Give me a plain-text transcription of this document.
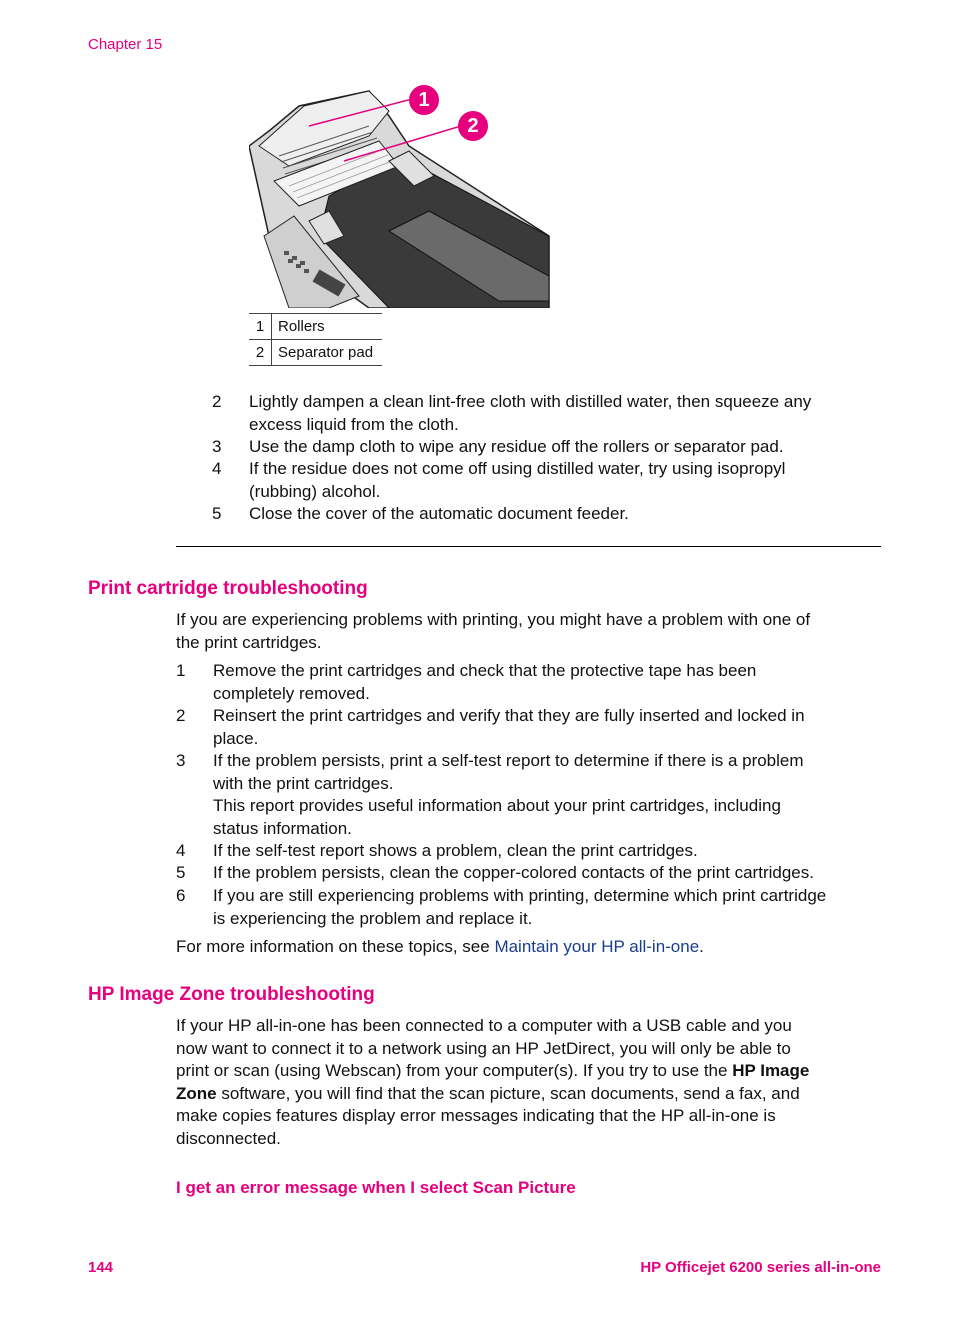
Chapter 15
1
2
1	Rollers
2	Separator pad
2 Lightly dampen a clean lint-free cloth with distilled water, then squeeze any
excess liquid from the cloth.
3 Use the damp cloth to wipe any residue off the rollers or separator pad.
4 If the residue does not come off using distilled water, try using isopropyl
(rubbing) alcohol.
5 Close the cover of the automatic document feeder.
Print cartridge troubleshooting
If you are experiencing problems with printing, you might have a problem with one of
the print cartridges.
1 Remove the print cartridges and check that the protective tape has been
completely removed.
2 Reinsert the print cartridges and verify that they are fully inserted and locked in
place.
3 If the problem persists, print a self-test report to determine if there is a problem
with the print cartridges.
This report provides useful information about your print cartridges, including
status information.
4 If the self-test report shows a problem, clean the print cartridges.
5 If the problem persists, clean the copper-colored contacts of the print cartridges.
6 If you are still experiencing problems with printing, determine which print cartridge
is experiencing the problem and replace it.
For more information on these topics, see Maintain your HP all-in-one.
HP Image Zone troubleshooting
If your HP all-in-one has been connected to a computer with a USB cable and you
now want to connect it to a network using an HP JetDirect, you will only be able to
print or scan (using Webscan) from your computer(s). If you try to use the HP Image
Zone software, you will find that the scan picture, scan documents, send a fax, and
make copies features display error messages indicating that the HP all-in-one is
disconnected.
I get an error message when I select Scan Picture
144	HP Officejet 6200 series all-in-one
